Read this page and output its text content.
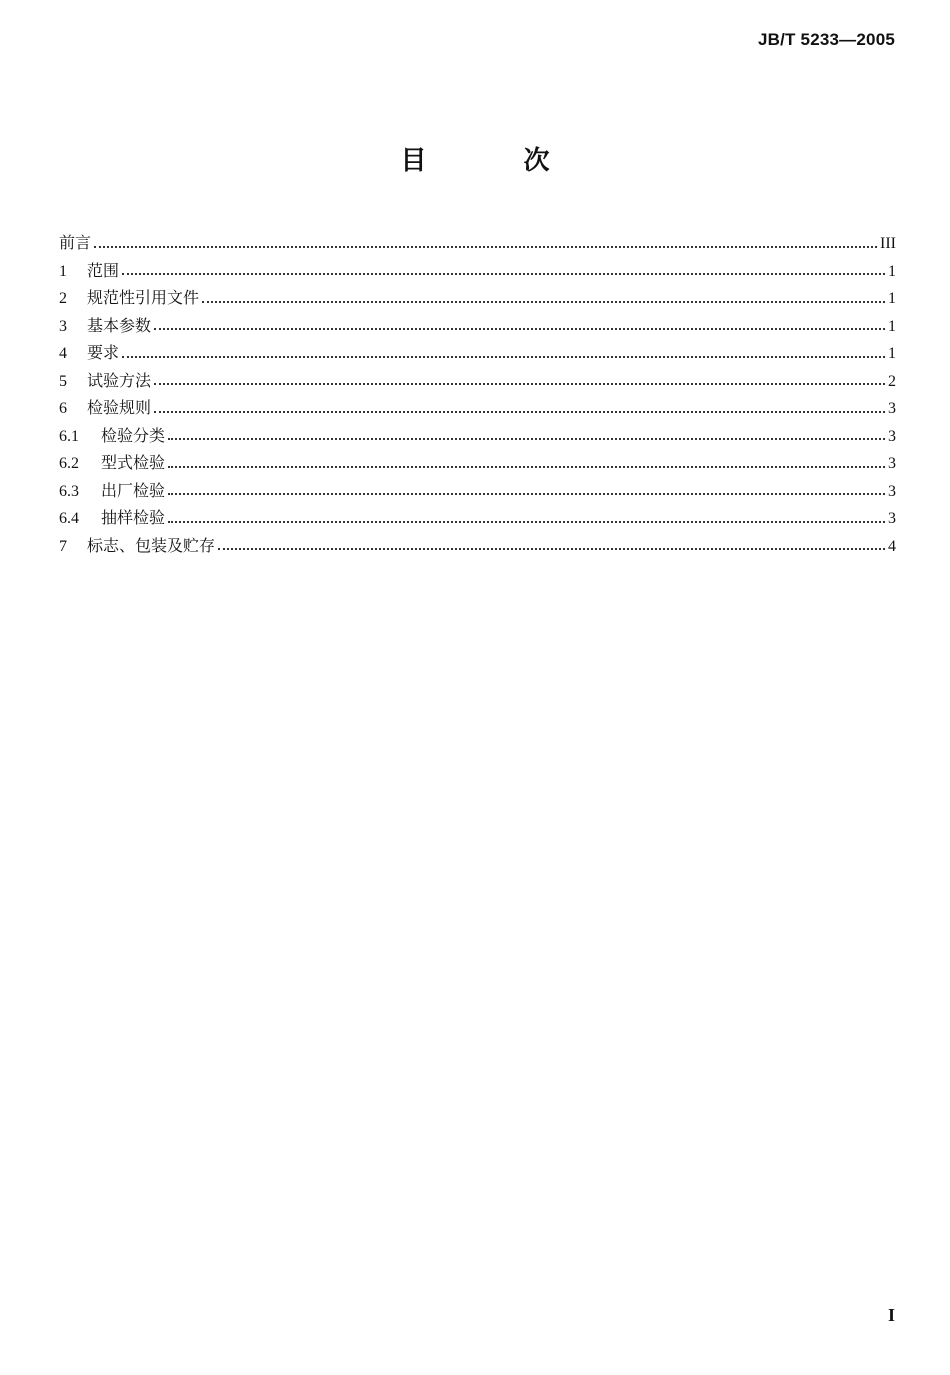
JB/T 5233—2005
目 次
前言	III
1	范围	1
2	规范性引用文件	1
3	基本参数	1
4	要求	1
5	试验方法	2
6	检验规则	3
6.1	检验分类	3
6.2	型式检验	3
6.3	出厂检验	3
6.4	抽样检验	3
7	标志、包装及贮存	4
I
